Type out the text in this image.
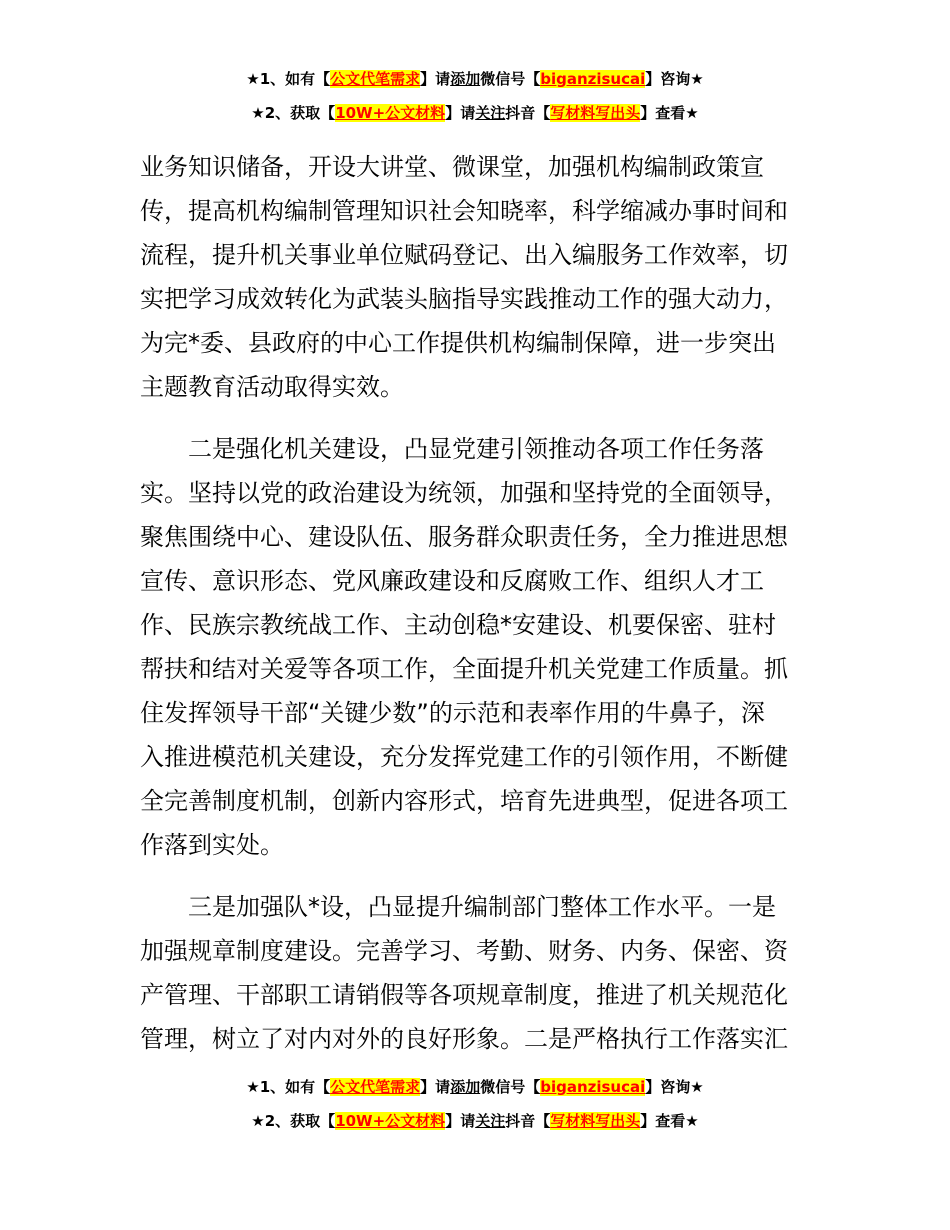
★1、如有【公文代笔需求】请添加微信号【biganzisucai】咨询★
★2、获取【10W+公文材料】请关注抖音【写材料写出头】查看★
业务知识储备，开设大讲堂、微课堂，加强机构编制政策宣
传，提高机构编制管理知识社会知晓率，科学缩减办事时间和
流程，提升机关事业单位赋码登记、出入编服务工作效率，切
实把学习成效转化为武装头脑指导实践推动工作的强大动力，
为完*委、县政府的中心工作提供机构编制保障，进一步突出
主题教育活动取得实效。
　　二是强化机关建设，凸显党建引领推动各项工作任务落
实。坚持以党的政治建设为统领，加强和坚持党的全面领导，
聚焦围绕中心、建设队伍、服务群众职责任务，全力推进思想
宣传、意识形态、党风廉政建设和反腐败工作、组织人才工
作、民族宗教统战工作、主动创稳*安建设、机要保密、驻村
帮扶和结对关爱等各项工作，全面提升机关党建工作质量。抓
住发挥领导干部“关键少数”的示范和表率作用的牛鼻子，深
入推进模范机关建设，充分发挥党建工作的引领作用，不断健
全完善制度机制，创新内容形式，培育先进典型，促进各项工
作落到实处。
　　三是加强队*设，凸显提升编制部门整体工作水平。一是
加强规章制度建设。完善学习、考勤、财务、内务、保密、资
产管理、干部职工请销假等各项规章制度，推进了机关规范化
管理，树立了对内对外的良好形象。二是严格执行工作落实汇
★1、如有【公文代笔需求】请添加微信号【biganzisucai】咨询★
★2、获取【10W+公文材料】请关注抖音【写材料写出头】查看★
